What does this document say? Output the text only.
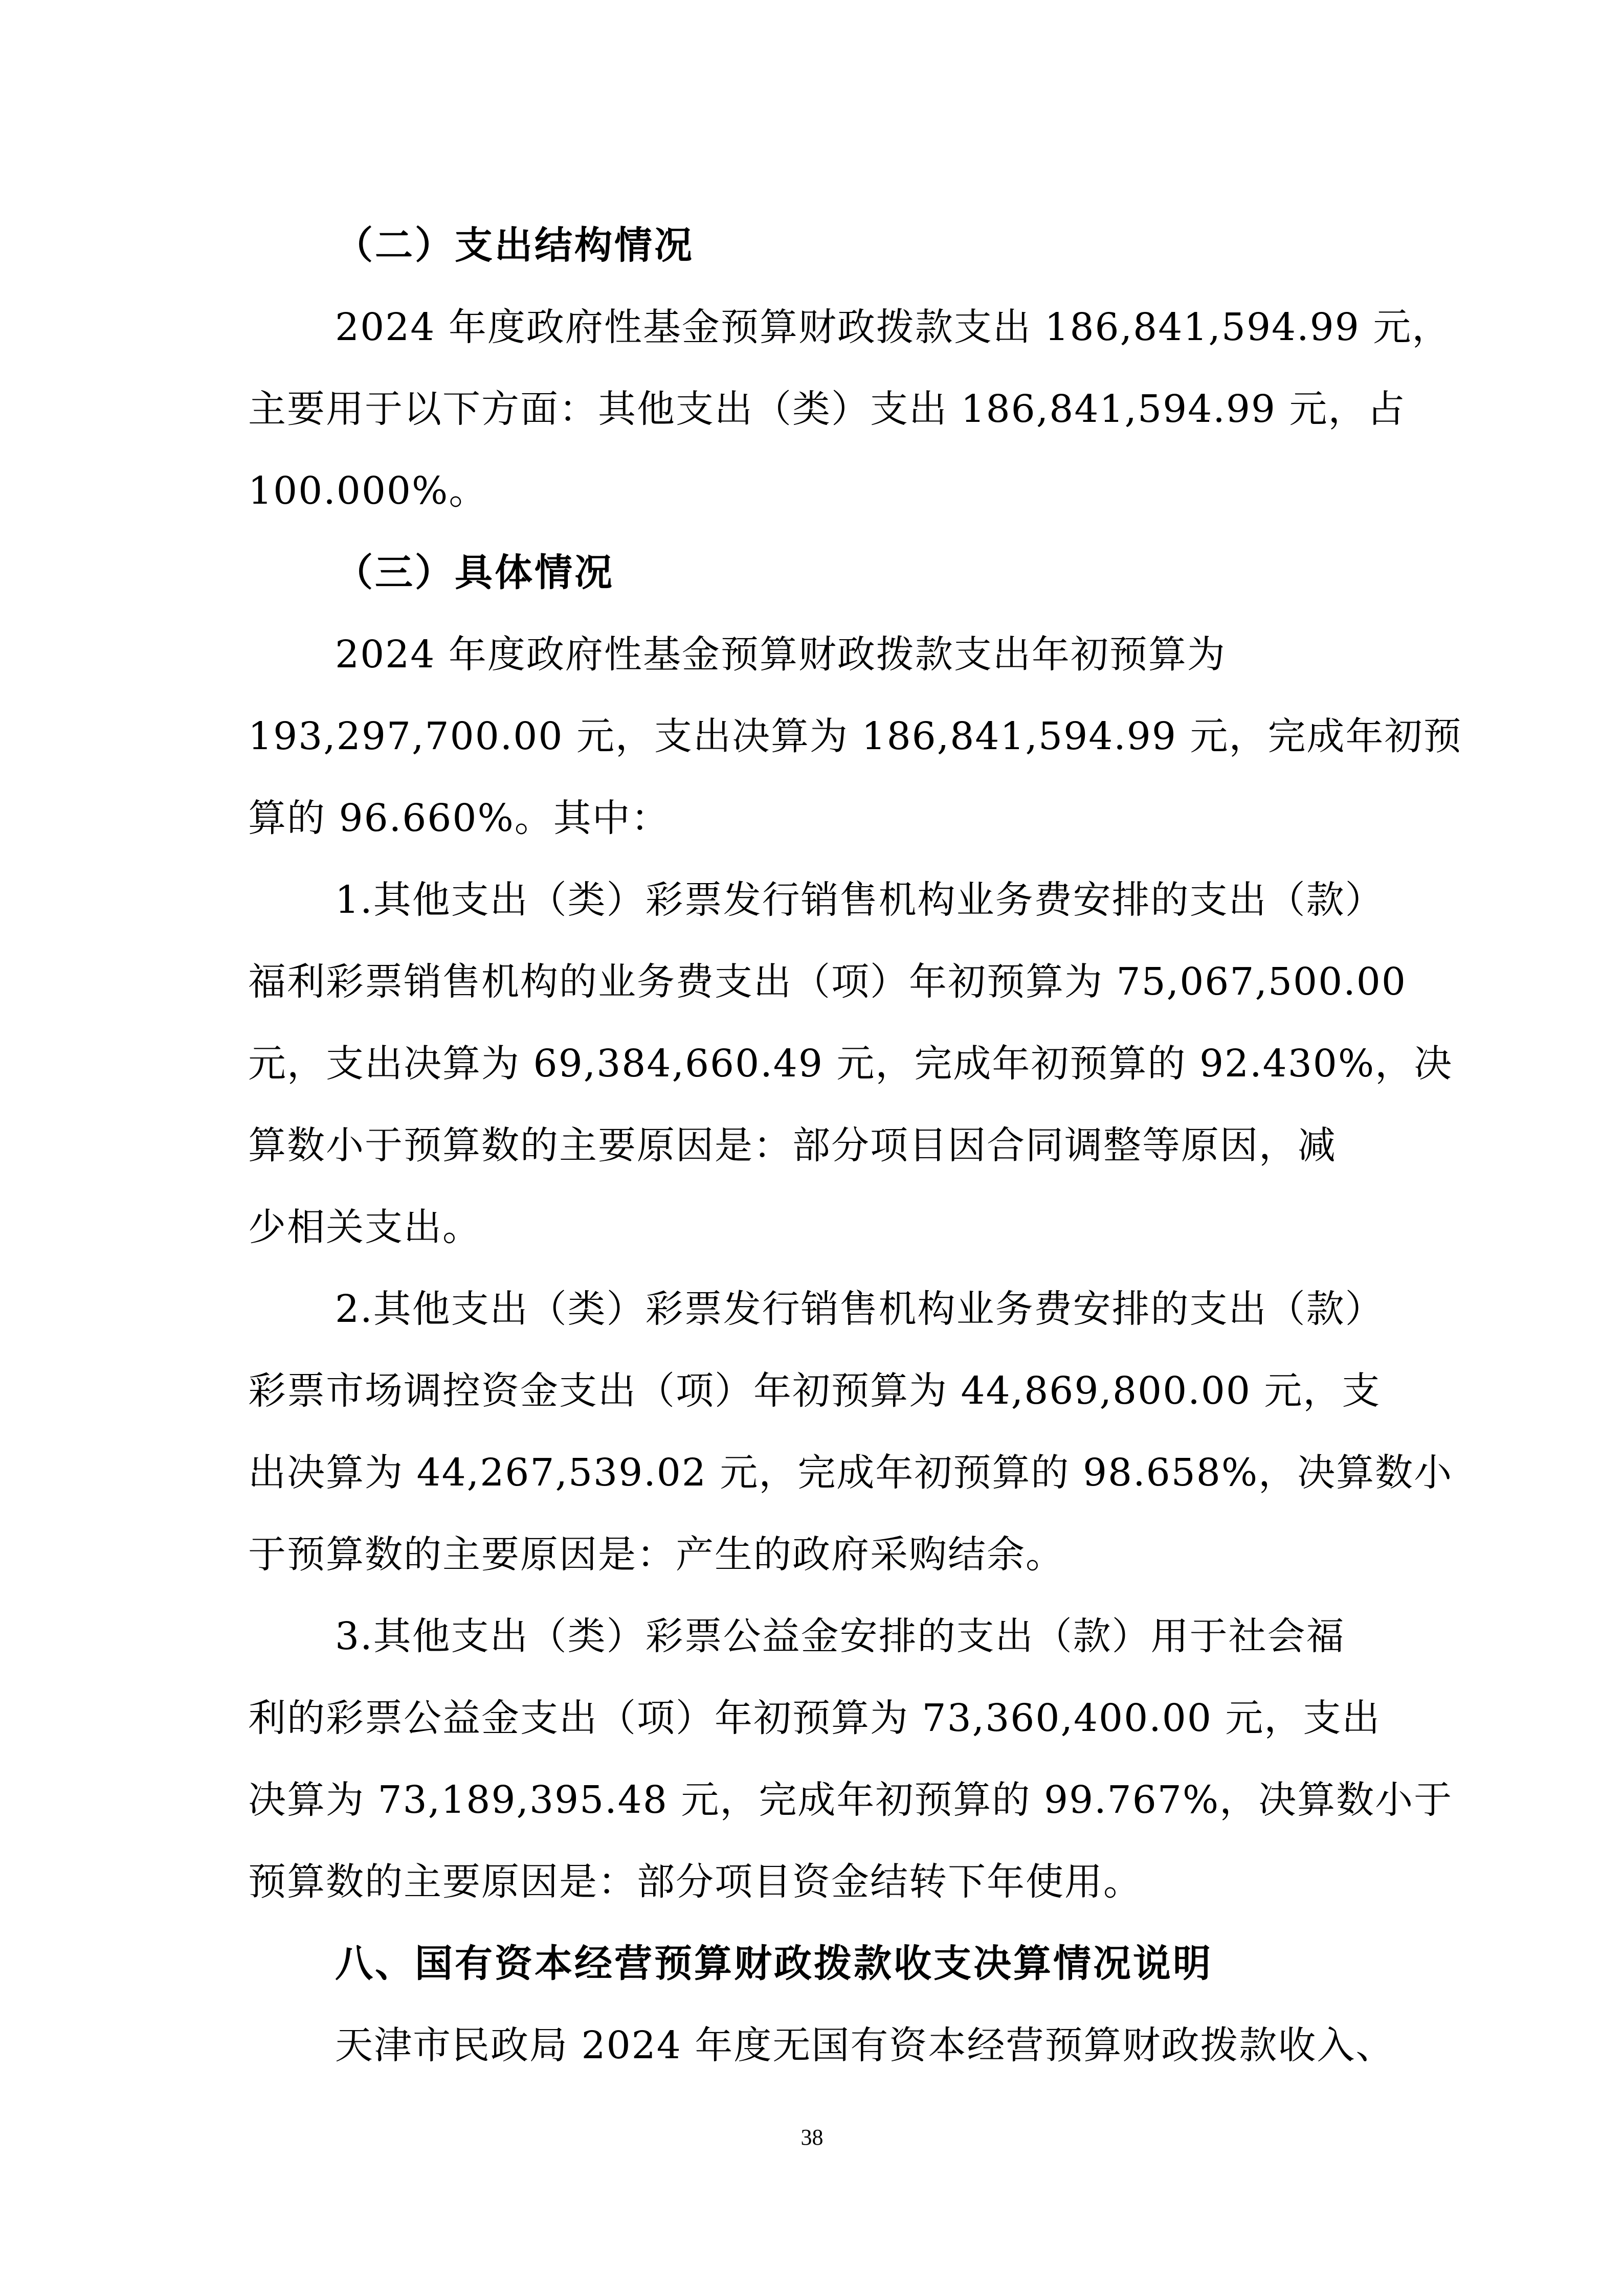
（二）支出结构情况
2024 年度政府性基金预算财政拨款支出 186,841,594.99 元，
主要用于以下方面：其他支出（类）支出 186,841,594.99 元，占
100.000%。
（三）具体情况
2024 年度政府性基金预算财政拨款支出年初预算为
193,297,700.00 元，支出决算为 186,841,594.99 元，完成年初预
算的 96.660%。其中：
1.其他支出（类）彩票发行销售机构业务费安排的支出（款）
福利彩票销售机构的业务费支出（项）年初预算为 75,067,500.00
元，支出决算为 69,384,660.49 元，完成年初预算的 92.430%，决
算数小于预算数的主要原因是：部分项目因合同调整等原因，减
少相关支出。
2.其他支出（类）彩票发行销售机构业务费安排的支出（款）
彩票市场调控资金支出（项）年初预算为 44,869,800.00 元，支
出决算为 44,267,539.02 元，完成年初预算的 98.658%，决算数小
于预算数的主要原因是：产生的政府采购结余。
3.其他支出（类）彩票公益金安排的支出（款）用于社会福
利的彩票公益金支出（项）年初预算为 73,360,400.00 元，支出
决算为 73,189,395.48 元，完成年初预算的 99.767%，决算数小于
预算数的主要原因是：部分项目资金结转下年使用。
八、国有资本经营预算财政拨款收支决算情况说明
天津市民政局 2024 年度无国有资本经营预算财政拨款收入、
38
